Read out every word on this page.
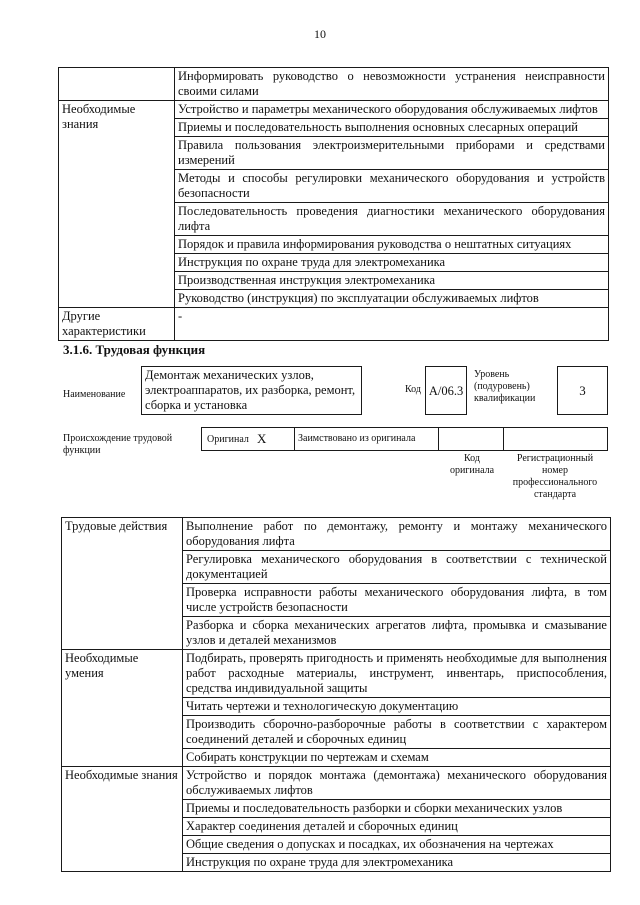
10
	Информировать руководство о невозможности устранения неисправности своими силами
Необходимые знания	Устройство и параметры механического оборудования обслуживаемых лифтов
	Приемы и последовательность выполнения основных слесарных операций
	Правила пользования электроизмерительными приборами и средствами измерений
	Методы и способы регулировки механического оборудования и устройств безопасности
	Последовательность проведения диагностики механического оборудования лифта
	Порядок и правила информирования руководства о нештатных ситуациях
	Инструкция по охране труда для электромеханика
	Производственная инструкция электромеханика
	Руководство (инструкция) по эксплуатации обслуживаемых лифтов
Другие характеристики	-
3.1.6. Трудовая функция
Наименование
Демонтаж механических узлов, электроаппаратов, их разборка, ремонт, сборка и установка
Код A/06.3
Уровень (подуровень) квалификации
3
Происхождение трудовой функции
Оригинал X	Заимствовано из оригинала
Код оригинала
Регистрационный номер профессионального стандарта
Трудовые действия	Выполнение работ по демонтажу, ремонту и монтажу механического оборудования лифта
	Регулировка механического оборудования в соответствии с технической документацией
	Проверка исправности работы механического оборудования лифта, в том числе устройств безопасности
	Разборка и сборка механических агрегатов лифта, промывка и смазывание узлов и деталей механизмов
Необходимые умения	Подбирать, проверять пригодность и применять необходимые для выполнения работ расходные материалы, инструмент, инвентарь, приспособления, средства индивидуальной защиты
	Читать чертежи и технологическую документацию
	Производить сборочно-разборочные работы в соответствии с характером соединений деталей и сборочных единиц
	Собирать конструкции по чертежам и схемам
Необходимые знания	Устройство и порядок монтажа (демонтажа) механического оборудования обслуживаемых лифтов
	Приемы и последовательность разборки и сборки механических узлов
	Характер соединения деталей и сборочных единиц
	Общие сведения о допусках и посадках, их обозначения на чертежах
	Инструкция по охране труда для электромеханика
